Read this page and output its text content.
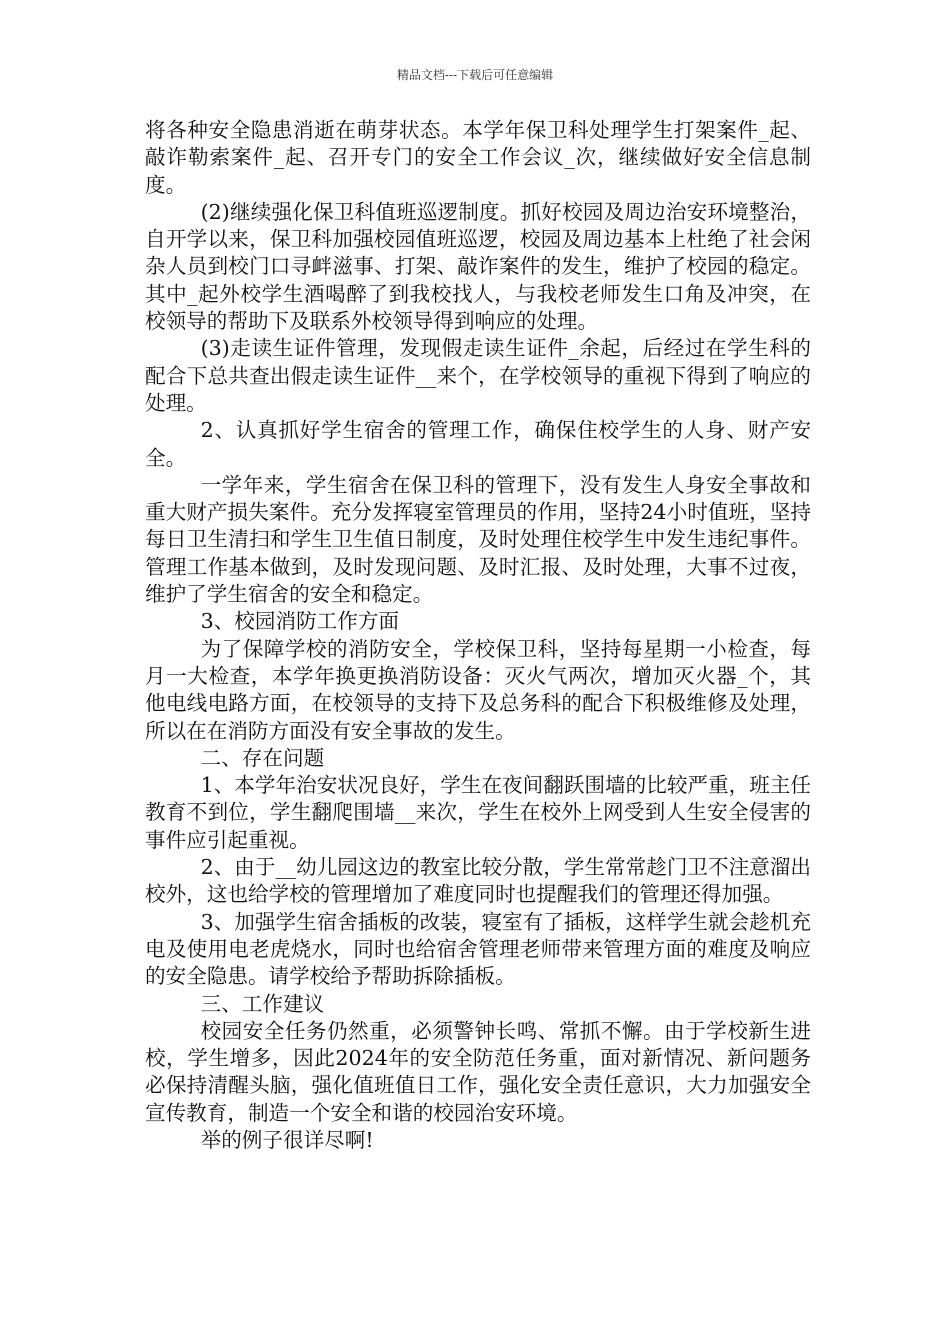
精品文档---下载后可任意编辑

将各种安全隐患消逝在萌芽状态。本学年保卫科处理学生打架案件_起、敲诈勒索案件_起、召开专门的安全工作会议_次，继续做好安全信息制度。

(2)继续强化保卫科值班巡逻制度。抓好校园及周边治安环境整治，自开学以来，保卫科加强校园值班巡逻，校园及周边基本上杜绝了社会闲杂人员到校门口寻衅滋事、打架、敲诈案件的发生，维护了校园的稳定。其中_起外校学生酒喝醉了到我校找人，与我校老师发生口角及冲突，在校领导的帮助下及联系外校领导得到响应的处理。

(3)走读生证件管理，发现假走读生证件_余起，后经过在学生科的配合下总共查出假走读生证件__来个，在学校领导的重视下得到了响应的处理。

2、认真抓好学生宿舍的管理工作，确保住校学生的人身、财产安全。

一学年来，学生宿舍在保卫科的管理下，没有发生人身安全事故和重大财产损失案件。充分发挥寝室管理员的作用，坚持24小时值班，坚持每日卫生清扫和学生卫生值日制度，及时处理住校学生中发生违纪事件。管理工作基本做到，及时发现问题、及时汇报、及时处理，大事不过夜，维护了学生宿舍的安全和稳定。

3、校园消防工作方面

为了保障学校的消防安全，学校保卫科，坚持每星期一小检查，每月一大检查，本学年换更换消防设备：灭火气两次，增加灭火器_个，其他电线电路方面，在校领导的支持下及总务科的配合下积极维修及处理，所以在在消防方面没有安全事故的发生。

二、存在问题

1、本学年治安状况良好，学生在夜间翻跃围墙的比较严重，班主任教育不到位，学生翻爬围墙__来次，学生在校外上网受到人生安全侵害的事件应引起重视。

2、由于__幼儿园这边的教室比较分散，学生常常趁门卫不注意溜出校外，这也给学校的管理增加了难度同时也提醒我们的管理还得加强。

3、加强学生宿舍插板的改装，寝室有了插板，这样学生就会趁机充电及使用电老虎烧水，同时也给宿舍管理老师带来管理方面的难度及响应的安全隐患。请学校给予帮助拆除插板。

三、工作建议

校园安全任务仍然重，必须警钟长鸣、常抓不懈。由于学校新生进校，学生增多，因此2024年的安全防范任务重，面对新情况、新问题务必保持清醒头脑，强化值班值日工作，强化安全责任意识，大力加强安全宣传教育，制造一个安全和谐的校园治安环境。

举的例子很详尽啊!
